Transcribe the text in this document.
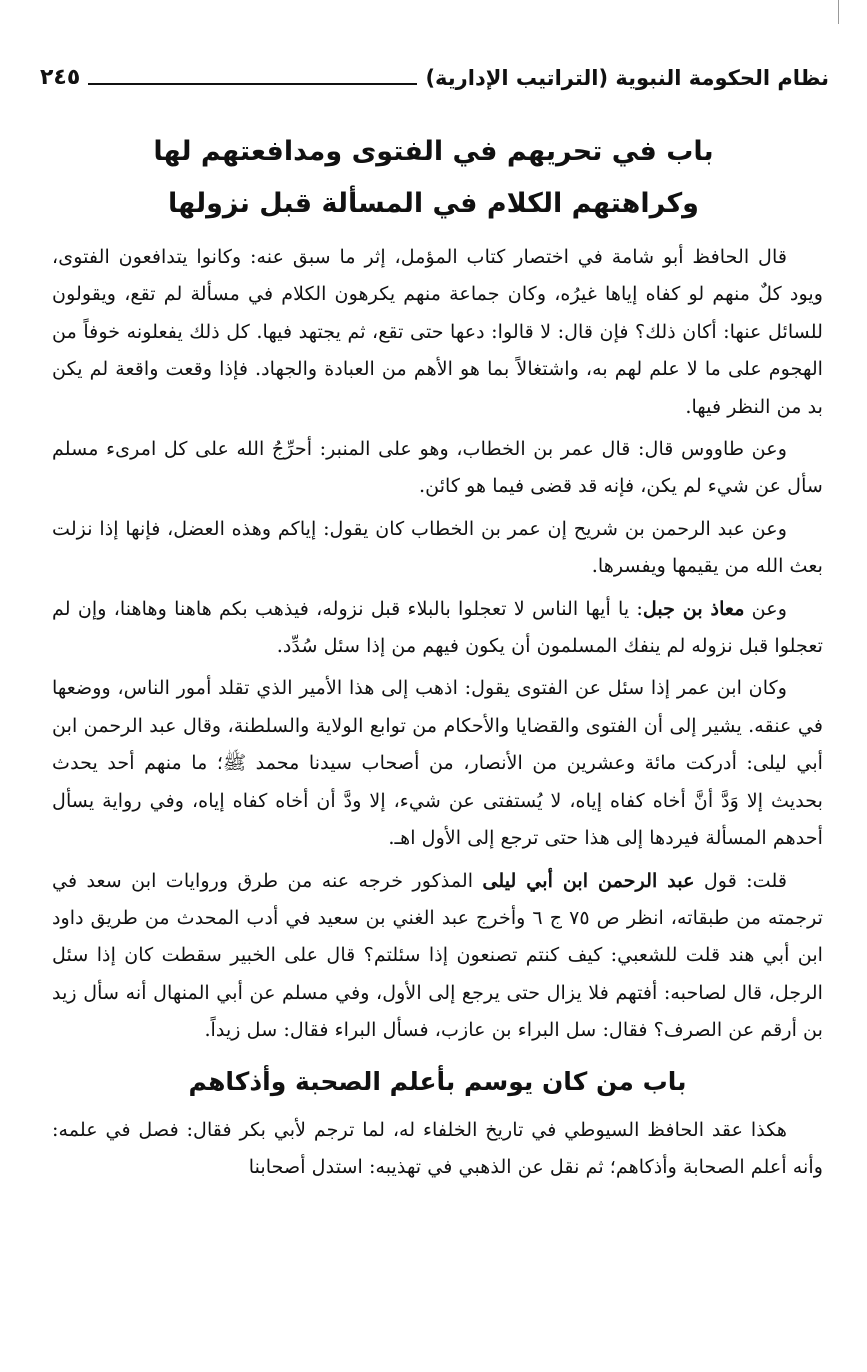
نظام الحكومة النبوية (التراتيب الإدارية)
٢٤٥
باب في تحريهم في الفتوى ومدافعتهم لها
وكراهتهم الكلام في المسألة قبل نزولها

قال الحافظ أبو شامة في اختصار كتاب المؤمل، إثر ما سبق عنه: وكانوا يتدافعون الفتوى، ويود كلٌ منهم لو كفاه إياها غيرُه، وكان جماعة منهم يكرهون الكلام في مسألة لم تقع، ويقولون للسائل عنها: أكان ذلك؟ فإن قال: لا قالوا: دعها حتى تقع، ثم يجتهد فيها. كل ذلك يفعلونه خوفاً من الهجوم على ما لا علم لهم به، واشتغالاً بما هو الأهم من العبادة والجهاد. فإذا وقعت واقعة لم يكن بد من النظر فيها.

وعن طاووس قال: قال عمر بن الخطاب، وهو على المنبر: أحرِّجُ الله على كل امرىء مسلم سأل عن شيء لم يكن، فإنه قد قضى فيما هو كائن.

وعن عبد الرحمن بن شريح إن عمر بن الخطاب كان يقول: إياكم وهذه العضل، فإنها إذا نزلت بعث الله من يقيمها ويفسرها.

وعن معاذ بن جبل: يا أيها الناس لا تعجلوا بالبلاء قبل نزوله، فيذهب بكم هاهنا وهاهنا، وإن لم تعجلوا قبل نزوله لم ينفك المسلمون أن يكون فيهم من إذا سئل سُدِّد.

وكان ابن عمر إذا سئل عن الفتوى يقول: اذهب إلى هذا الأمير الذي تقلد أمور الناس، ووضعها في عنقه. يشير إلى أن الفتوى والقضايا والأحكام من توابع الولاية والسلطنة، وقال عبد الرحمن ابن أبي ليلى: أدركت مائة وعشرين من الأنصار، من أصحاب سيدنا محمد ﷺ؛ ما منهم أحد يحدث بحديث إلا وَدَّ أنَّ أخاه كفاه إياه، لا يُستفتى عن شيء، إلا ودَّ أن أخاه كفاه إياه، وفي رواية يسأل أحدهم المسألة فيردها إلى هذا حتى ترجع إلى الأول اهـ.

قلت: قول عبد الرحمن ابن أبي ليلى المذكور خرجه عنه من طرق وروايات ابن سعد في ترجمته من طبقاته، انظر ص ٧٥ ج ٦ وأخرج عبد الغني بن سعيد في أدب المحدث من طريق داود ابن أبي هند قلت للشعبي: كيف كنتم تصنعون إذا سئلتم؟ قال على الخبير سقطت كان إذا سئل الرجل، قال لصاحبه: أفتهم فلا يزال حتى يرجع إلى الأول، وفي مسلم عن أبي المنهال أنه سأل زيد بن أرقم عن الصرف؟ فقال: سل البراء بن عازب، فسأل البراء فقال: سل زيداً.

باب من كان يوسم بأعلم الصحبة وأذكاهم

هكذا عقد الحافظ السيوطي في تاريخ الخلفاء له، لما ترجم لأبي بكر فقال: فصل في علمه: وأنه أعلم الصحابة وأذكاهم؛ ثم نقل عن الذهبي في تهذيبه: استدل أصحابنا
